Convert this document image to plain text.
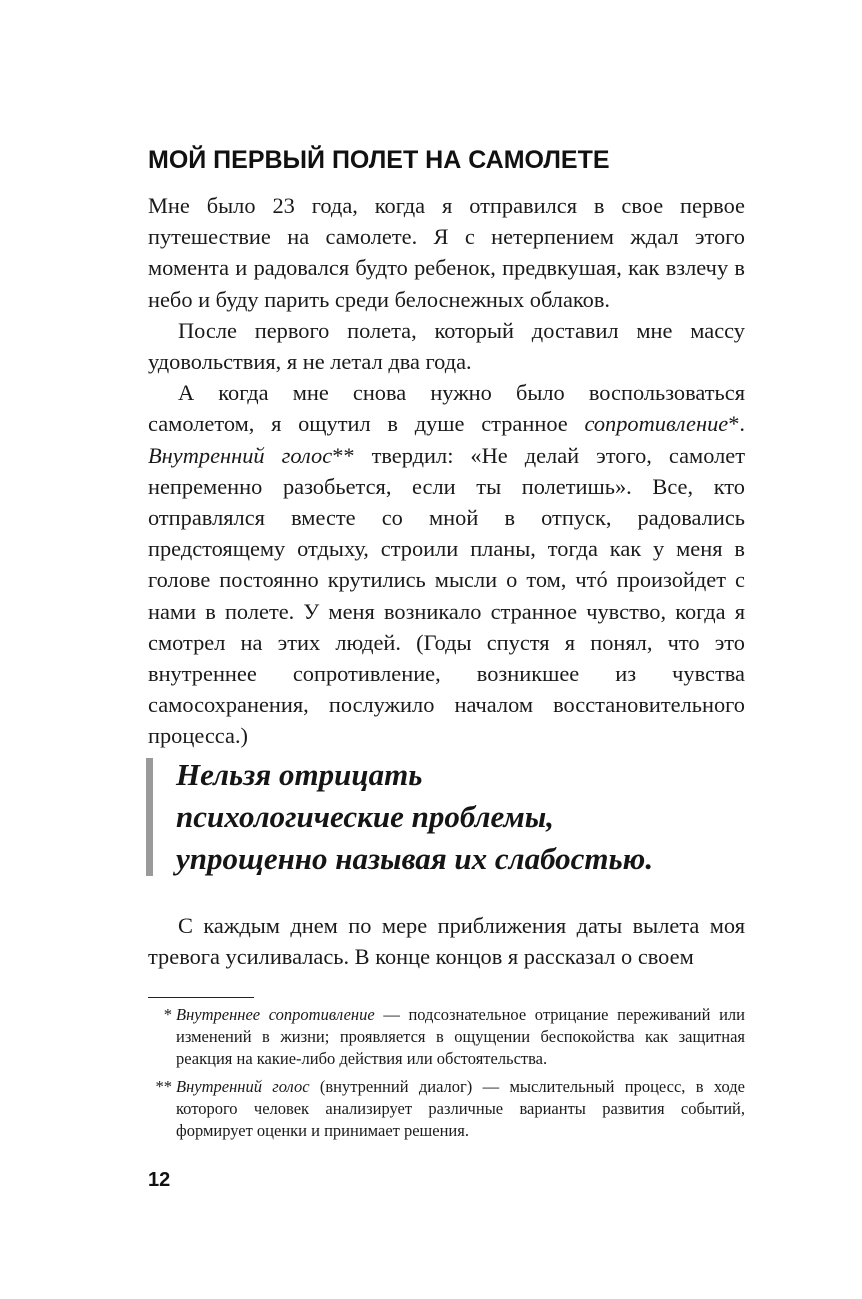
МОЙ ПЕРВЫЙ ПОЛЕТ НА САМОЛЕТЕ

Мне было 23 года, когда я отправился в свое первое путешествие на самолете. Я с нетерпением ждал этого момента и радовался будто ребенок, предвкушая, как взлечу в небо и буду парить среди белоснежных облаков.

После первого полета, который доставил мне массу удовольствия, я не летал два года.

А когда мне снова нужно было воспользоваться самолетом, я ощутил в душе странное сопротивление*. Внутренний голос** твердил: «Не делай этого, самолет непременно разобьется, если ты полетишь». Все, кто отправлялся вместе со мной в отпуск, радовались предстоящему отдыху, строили планы, тогда как у меня в голове постоянно крутились мысли о том, чтó произойдет с нами в полете. У меня возникало странное чувство, когда я смотрел на этих людей. (Годы спустя я понял, что это внутреннее сопротивление, возникшее из чувства самосохранения, послужило началом восстановительного процесса.)

Нельзя отрицать
психологические проблемы,
упрощенно называя их слабостью.

С каждым днем по мере приближения даты вылета моя тревога усиливалась. В конце концов я рассказал о своем

* Внутреннее сопротивление — подсознательное отрицание переживаний или изменений в жизни; проявляется в ощущении беспокойства как защитная реакция на какие-либо действия или обстоятельства.

** Внутренний голос (внутренний диалог) — мыслительный процесс, в ходе которого человек анализирует различные варианты развития событий, формирует оценки и принимает решения.

12
